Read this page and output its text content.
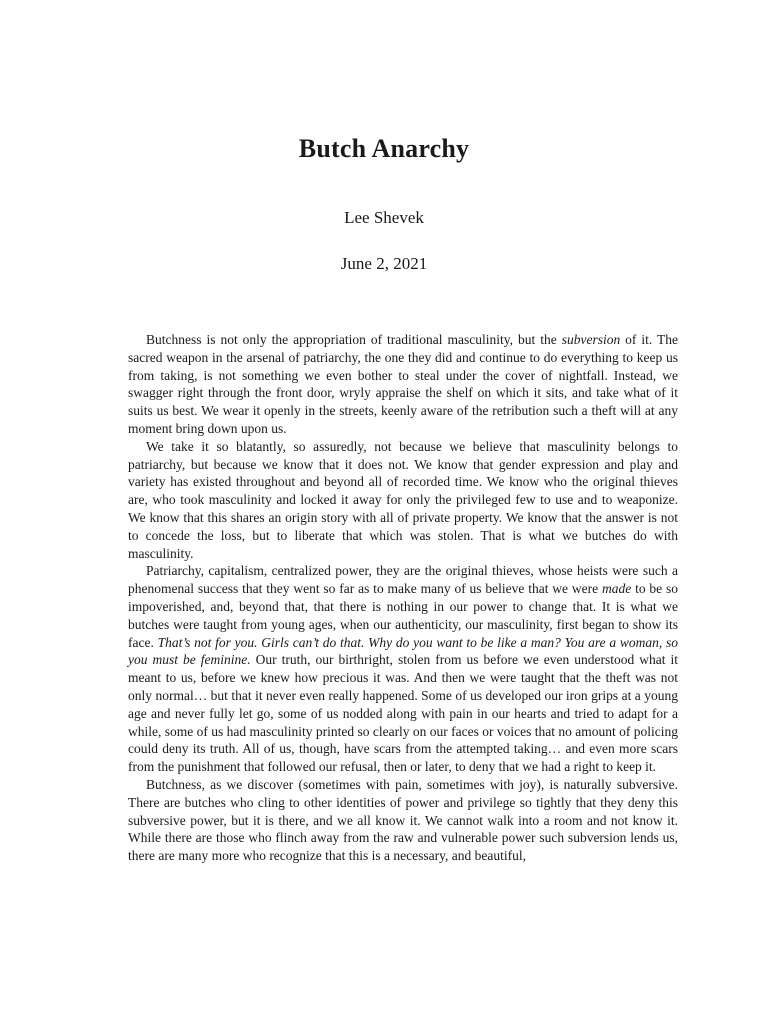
Butch Anarchy
Lee Shevek
June 2, 2021

Butchness is not only the appropriation of traditional masculinity, but the subversion of it. The sacred weapon in the arsenal of patriarchy, the one they did and continue to do everything to keep us from taking, is not something we even bother to steal under the cover of nightfall. Instead, we swagger right through the front door, wryly appraise the shelf on which it sits, and take what of it suits us best. We wear it openly in the streets, keenly aware of the retribution such a theft will at any moment bring down upon us.

We take it so blatantly, so assuredly, not because we believe that masculinity belongs to patriarchy, but because we know that it does not. We know that gender expression and play and variety has existed throughout and beyond all of recorded time. We know who the original thieves are, who took masculinity and locked it away for only the privileged few to use and to weaponize. We know that this shares an origin story with all of private property. We know that the answer is not to concede the loss, but to liberate that which was stolen. That is what we butches do with masculinity.

Patriarchy, capitalism, centralized power, they are the original thieves, whose heists were such a phenomenal success that they went so far as to make many of us believe that we were made to be so impoverished, and, beyond that, that there is nothing in our power to change that. It is what we butches were taught from young ages, when our authenticity, our masculinity, first began to show its face. That’s not for you. Girls can’t do that. Why do you want to be like a man? You are a woman, so you must be feminine. Our truth, our birthright, stolen from us before we even understood what it meant to us, before we knew how precious it was. And then we were taught that the theft was not only normal… but that it never even really happened. Some of us developed our iron grips at a young age and never fully let go, some of us nodded along with pain in our hearts and tried to adapt for a while, some of us had masculinity printed so clearly on our faces or voices that no amount of policing could deny its truth. All of us, though, have scars from the attempted taking… and even more scars from the punishment that followed our refusal, then or later, to deny that we had a right to keep it.

Butchness, as we discover (sometimes with pain, sometimes with joy), is naturally subversive. There are butches who cling to other identities of power and privilege so tightly that they deny this subversive power, but it is there, and we all know it. We cannot walk into a room and not know it. While there are those who flinch away from the raw and vulnerable power such subversion lends us, there are many more who recognize that this is a necessary, and beautiful,
